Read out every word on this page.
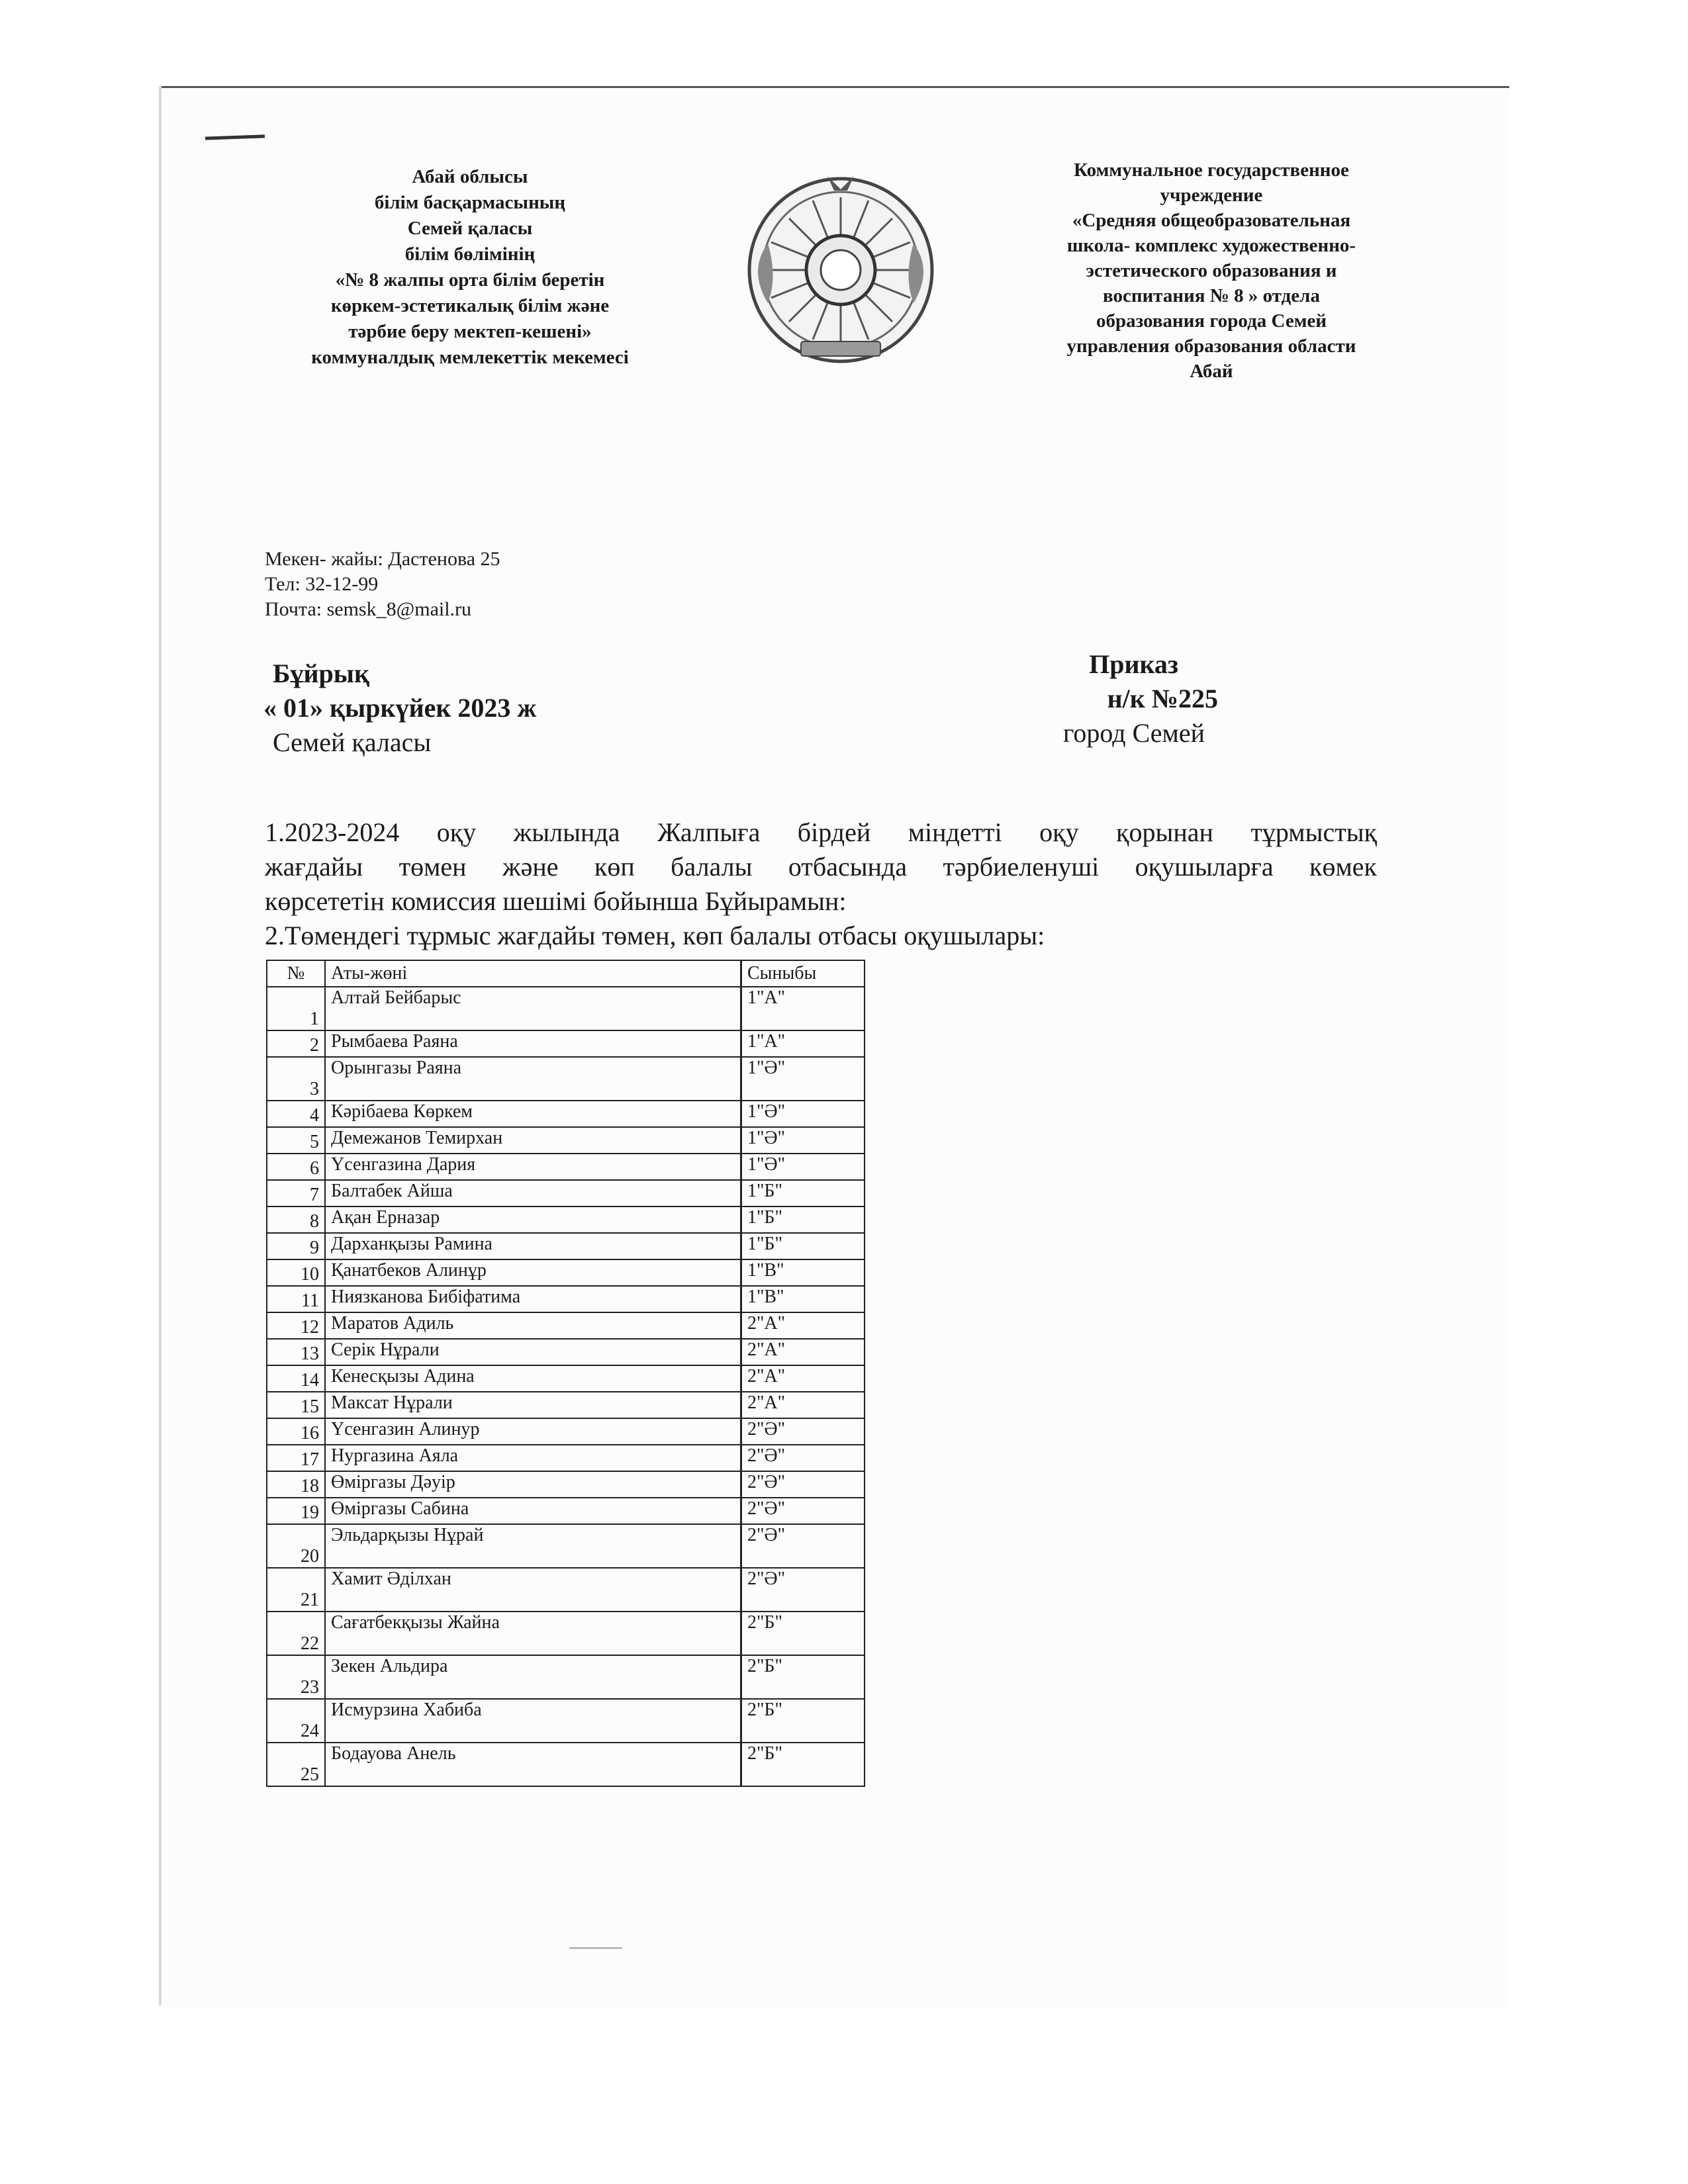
Абай облысы
білім басқармасының
Семей қаласы
білім бөлімінің
«№ 8 жалпы орта білім беретін
көркем-эстетикалық білім және
тәрбие беру мектеп-кешені»
коммуналдық мемлекеттік мекемесі
Коммунальное государственное
учреждение
«Средняя общеобразовательная
школа- комплекс художественно-
эстетического образования и
воспитания № 8 » отдела
образования города Семей
управления образования области
Абай
Мекен- жайы: Дастенова 25
Тел: 32-12-99
Почта: semsk_8@mail.ru
Бұйрық
« 01» қыркүйек 2023 ж
Семей қаласы
Приказ
н/к №225
город Семей
1.2023-2024 оқу жылында Жалпыға бірдей міндетті оқу қорынан тұрмыстық
жағдайы төмен және көп балалы отбасында тәрбиеленуші оқушыларға көмек
көрсететін комиссия шешімі бойынша Бұйырамын:
2.Төмендегі тұрмыс жағдайы төмен, көп балалы отбасы оқушылары:
№	Аты-жөні	Сыныбы
1	Алтай Бейбарыс	1"А"
2	Рымбаева Раяна	1"А"
3	Орынгазы Раяна	1"Ә"
4	Кәрібаева Көркем	1"Ә"
5	Демежанов Темирхан	1"Ә"
6	Үсенгазина Дария	1"Ә"
7	Балтабек Айша	1"Б"
8	Ақан Ерназар	1"Б"
9	Дарханқызы Рамина	1"Б"
10	Қанатбеков Алинұр	1"В"
11	Ниязканова Бибіфатима	1"В"
12	Маратов Адиль	2"А"
13	Серік Нұрали	2"А"
14	Кенесқызы Адина	2"А"
15	Максат Нұрали	2"А"
16	Үсенгазин Алинур	2"Ә"
17	Нургазина Аяла	2"Ә"
18	Өміргазы Дәуір	2"Ә"
19	Өміргазы Сабина	2"Ә"
20	Эльдарқызы Нұрай	2"Ә"
21	Хамит Әділхан	2"Ә"
22	Сағатбекқызы Жайна	2"Б"
23	Зекен Альдира	2"Б"
24	Исмурзина Хабиба	2"Б"
25	Бодауова Анель	2"Б"
